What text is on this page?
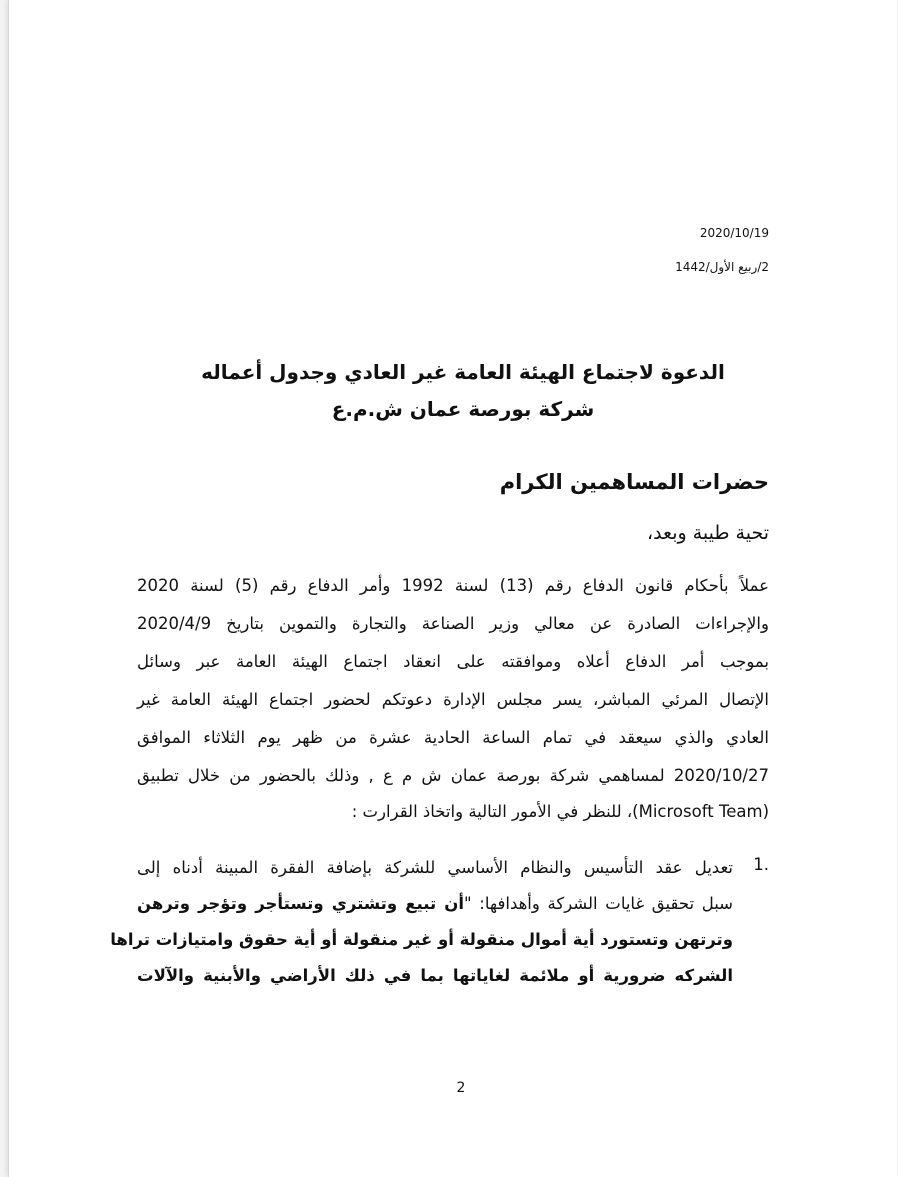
2020/10/19
2/ربيع الأول/1442
الدعوة لاجتماع الهيئة العامة غير العادي وجدول أعماله
شركة بورصة عمان ش.م.ع
حضرات المساهمين الكرام
تحية طيبة وبعد،
عملاً بأحكام قانون الدفاع رقم (13) لسنة 1992 وأمر الدفاع رقم (5) لسنة 2020
والإجراءات الصادرة عن معالي وزير الصناعة والتجارة والتموين بتاريخ 2020/4/9
بموجب أمر الدفاع أعلاه وموافقته على انعقاد اجتماع الهيئة العامة عبر وسائل
الإتصال المرئي المباشر، يسر مجلس الإدارة دعوتكم لحضور اجتماع الهيئة العامة غير
العادي والذي سيعقد في تمام الساعة الحادية عشرة من ظهر يوم الثلاثاء الموافق
2020/10/27 لمساهمي شركة بورصة عمان ش م ع , وذلك بالحضور من خلال تطبيق
(Microsoft Team)، للنظر في الأمور التالية واتخاذ القرارت :
1.
تعديل عقد التأسيس والنظام الأساسي للشركة بإضافة الفقرة المبينة أدناه إلى
سبل تحقيق غايات الشركة وأهدافها: "أن تبيع وتشتري وتستأجر وتؤجر وترهن
وترتهن وتستورد أية أموال منقولة أو غير منقولة أو أية حقوق وامتيازات تراها
الشركه ضرورية أو ملائمة لغاياتها بما في ذلك الأراضي والأبنية والآلات
2
